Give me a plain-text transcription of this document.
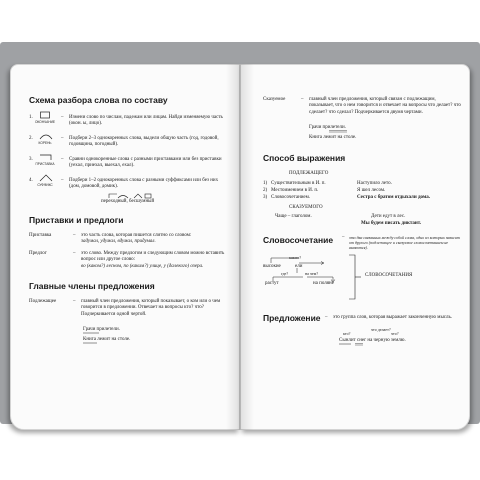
Схема разбора слова по составу
1.
ОКОНЧАНИЕ
– Измени слово по числам, падежам или лицам. Найди изменяемую часть (окон. ы, лицо).
2.
КОРЕНЬ
– Подбери 2–3 однокоренных слова, выдели общую часть (год, годовой, годовщина, погодный).
3.
ПРИСТАВКА
– Сравни однокоренные слова с разными приставками или без приставки (уехал, приехал, выехал, ехал).
4.
СУФФИКС
– Подбери 1–2 однокоренных слова с разными суффиксами или без них (дом, домовой, домик).
переходный, бесшумный
Приставки и предлоги
Приставка	– это часть слова, которая пишется слитно со словом:
задумал, удумал, вдумал, придумал.
Предлог	– это слово. Между предлогом и следующим словом можно вставить вопрос или другое слово:
во (каком?) лесном, по (каким?) улице, у (далекого) озера.
Главные члены предложения
Подлежащее	– главный член предложения, который показывает, о ком или о чем говорится в предложении. Отвечает на вопросы кто? что? Подчеркивается одной чертой.
Грачи прилетели.
Книга лежит на столе.
Сказуемое	– главный член предложения, который связан с подлежащим, показывает, что о нем говорится и отвечает на вопросы что делает? что сделает? что сделал? Подчеркивается двумя чертами.
Грачи прилетели.
Книга лежит на столе.
Способ выражения
ПОДЛЕЖАЩЕГО
1) Существительным в И. п.	Наступило лето.
2) Местоимением в И. п.	Я шел лесом.
3) Словосочетанием.	Сестра с братом отдыхали дома.
СКАЗУЕМОГО
Чаще – глаголом.	Дети едут в лес.
Мы будем писать диктант.
Словосочетание – это два связанных между собой слова, одно из которых зависит от другого (подлежащее и сказуемое словосочетанием не являются).
каким?
высокие	ели
где?	на чем?
растут	на поляне
СЛОВОСОЧЕТАНИЯ
Предложение – это группа слов, которая выражает законченную мысль.
что делает?
кто?	что?
Сынлит снег на черную землю.
